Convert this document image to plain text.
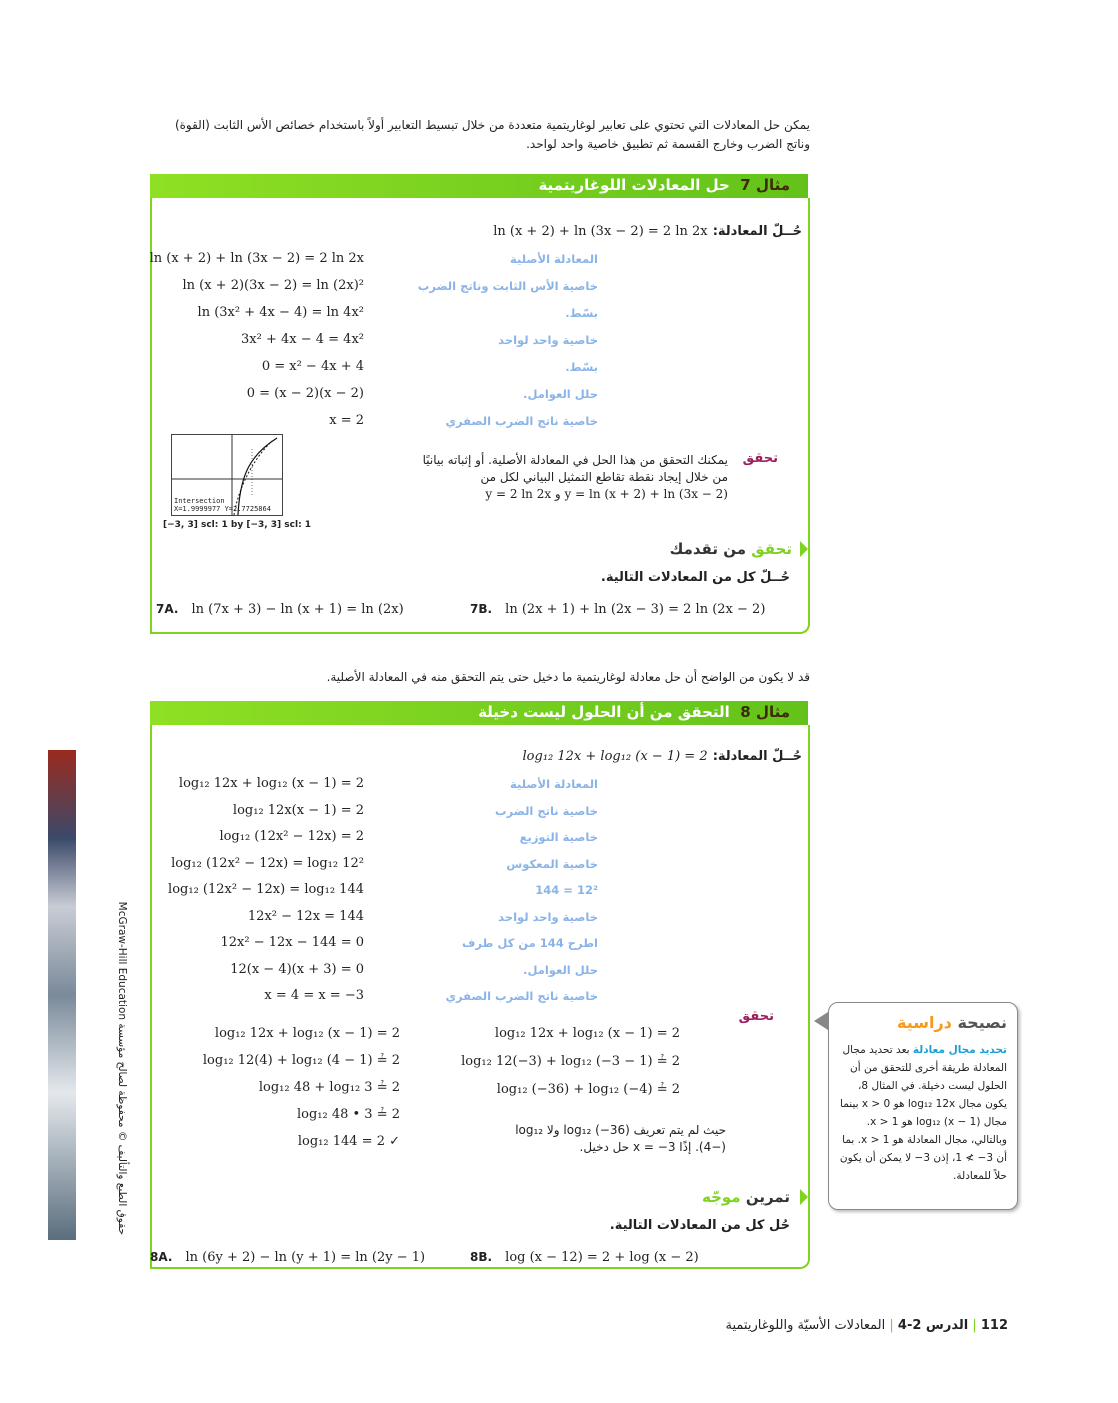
يمكن حل المعادلات التي تحتوي على تعابير لوغاريتمية متعددة من خلال تبسيط التعابير أولاً باستخدام خصائص الأس الثابت (القوة) وناتج الضرب وخارج القسمة ثم تطبيق خاصية واحد لواحد.
مثال 7  حل المعادلات اللوغاريتمية
حُــلّ المعادلة: ln (x + 2) + ln (3x − 2) = 2 ln 2x
ln (x + 2) + ln (3x − 2) = 2 ln 2x	المعادلة الأصلية
ln (x + 2)(3x − 2) = ln (2x)²	خاصية الأس الثابت وناتج الضرب
ln (3x² + 4x − 4) = ln 4x²	بسّط.
3x² + 4x − 4 = 4x²	خاصية واحد لواحد
0 = x² − 4x + 4	بسّط.
0 = (x − 2)(x − 2)	حلل العوامل.
x = 2	خاصية ناتج الضرب الصفري
Intersection
X=1.9999977 Y=2.7725864
[−3, 3] scl: 1 by [−3, 3] scl: 1
تحقق
يمكنك التحقق من هذا الحل في المعادلة الأصلية. أو إثباته بيانيًا
من خلال إيجاد نقطة تقاطع التمثيل البياني لكل من
y = ln (x + 2) + ln (3x − 2) و y = 2 ln 2x
تحقق من تقدمك
حُــلّ كل من المعادلات التالية.
7A. ln (7x + 3) − ln (x + 1) = ln (2x)	7B. ln (2x + 1) + ln (2x − 3) = 2 ln (2x − 2)
قد لا يكون من الواضح أن حل معادلة لوغاريتمية ما دخيل حتى يتم التحقق منه في المعادلة الأصلية.
مثال 8  التحقق من أن الحلول ليست دخيلة
حُــلّ المعادلة: log₁₂ 12x + log₁₂ (x − 1) = 2
log₁₂ 12x + log₁₂ (x − 1) = 2	المعادلة الأصلية
log₁₂ 12x(x − 1) = 2	خاصية ناتج الضرب
log₁₂ (12x² − 12x) = 2	خاصية التوزيع
log₁₂ (12x² − 12x) = log₁₂ 12²	خاصية المعكوس
log₁₂ (12x² − 12x) = log₁₂ 144	12² = 144
12x² − 12x = 144	خاصية واحد لواحد
12x² − 12x − 144 = 0	اطرح 144 من كل طرف
12(x − 4)(x + 3) = 0	حلل العوامل.
x = 4 = x = −3	خاصية ناتج الضرب الصفري
تحقق
log₁₂ 12x + log₁₂ (x − 1) = 2
log₁₂ 12(4) + log₁₂ (4 − 1) ≟ 2
log₁₂ 48 + log₁₂ 3 ≟ 2
log₁₂ 48 • 3 ≟ 2
log₁₂ 144 = 2 ✓
log₁₂ 12x + log₁₂ (x − 1) = 2
log₁₂ 12(−3) + log₁₂ (−3 − 1) ≟ 2
log₁₂ (−36) + log₁₂ (−4) ≟ 2
حيث لم يتم تعريف log₁₂ (−36) ولا log₁₂
(−4). إذًا 3− = x حل دخيل.
تمرين موجّه
حُل كل من المعادلات التالية.
8A. ln (6y + 2) − ln (y + 1) = ln (2y − 1)	8B. log (x − 12) = 2 + log (x − 2)
نصيحة دراسية
تحديد مجال معادلة بعد تحديد مجال المعادلة طريقة أخرى للتحقق من أن الحلول ليست دخيلة. في المثال 8، يكون مجال log₁₂ 12x هو x > 0 بينما مجال log₁₂ (x − 1) هو x > 1. وبالتالي، مجال المعادلة هو x > 1. بما أن 3− ≯ 1، إذن 3− لا يمكن أن يكون حلاً للمعادلة.
حقوق الطبع والتأليف © محفوظة لصالح مؤسسة McGraw-Hill Education
112 | الدرس 2-4 | المعادلات الأسيّة واللوغاريتمية
